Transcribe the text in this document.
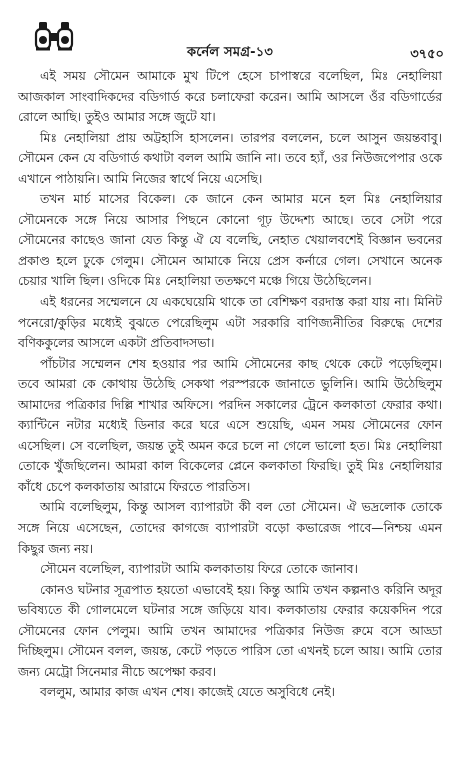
কর্নেল সমগ্র-১৩	৩৭৫০

এই সময় সৌমেন আমাকে মুখ টিপে হেসে চাপাস্বরে বলেছিল, মিঃ নেহালিয়া আজকাল সাংবাদিকদের বডিগার্ড করে চলাফেরা করেন। আমি আসলে ওঁর বডিগার্ডের রোলে আছি। তুইও আমার সঙ্গে জুটে যা।

মিঃ নেহালিয়া প্রায় অট্টহাসি হাসলেন। তারপর বললেন, চলে আসুন জয়ন্তবাবু। সৌমেন কেন যে বডিগার্ড কথাটা বলল আমি জানি না। তবে হ্যাঁ, ওর নিউজপেপার ওকে এখানে পাঠায়নি। আমি নিজের স্বার্থে নিয়ে এসেছি।

তখন মার্চ মাসের বিকেল। কে জানে কেন আমার মনে হল মিঃ নেহালিয়ার সৌমেনকে সঙ্গে নিয়ে আসার পিছনে কোনো গূঢ় উদ্দেশ্য আছে। তবে সেটা পরে সৌমেনের কাছেও জানা যেত কিন্তু ঐ যে বলেছি, নেহাত খেয়ালবশেই বিজ্ঞান ভবনের প্রকাণ্ড হলে ঢুকে গেলুম। সৌমেন আমাকে নিয়ে প্রেস কর্নারে গেল। সেখানে অনেক চেয়ার খালি ছিল। ওদিকে মিঃ নেহালিয়া ততক্ষণে মঞ্চে গিয়ে উঠেছিলেন।

এই ধরনের সম্মেলনে যে একঘেয়েমি থাকে তা বেশিক্ষণ বরদাস্ত করা যায় না। মিনিট পনেরো/কুড়ির মধ্যেই বুঝতে পেরেছিলুম এটা সরকারি বাণিজ্যনীতির বিরুদ্ধে দেশের বণিককুলের আসলে একটা প্রতিবাদসভা।

পাঁচটার সম্মেলন শেষ হওয়ার পর আমি সৌমেনের কাছ থেকে কেটে পড়েছিলুম। তবে আমরা কে কোথায় উঠেছি সেকথা পরস্পরকে জানাতে ভুলিনি। আমি উঠেছিলুম আমাদের পত্রিকার দিল্লি শাখার অফিসে। পরদিন সকালের ট্রেনে কলকাতা ফেরার কথা। ক্যান্টিনে নটার মধ্যেই ডিনার করে ঘরে এসে শুয়েছি, এমন সময় সৌমেনের ফোন এসেছিল। সে বলেছিল, জয়ন্ত তুই অমন করে চলে না গেলে ভালো হত। মিঃ নেহালিয়া তোকে খুঁজছিলেন। আমরা কাল বিকেলের প্লেনে কলকাতা ফিরছি। তুই মিঃ নেহালিয়ার কাঁধে চেপে কলকাতায় আরামে ফিরতে পারতিস।

আমি বলেছিলুম, কিন্তু আসল ব্যাপারটা কী বল তো সৌমেন। ঐ ভদ্রলোক তোকে সঙ্গে নিয়ে এসেছেন, তোদের কাগজে ব্যাপারটা বড়ো কভারেজ পাবে—নিশ্চয় এমন কিছুর জন্য নয়।

সৌমেন বলেছিল, ব্যাপারটা আমি কলকাতায় ফিরে তোকে জানাব।

কোনও ঘটনার সূত্রপাত হয়তো এভাবেই হয়। কিন্তু আমি তখন কল্পনাও করিনি অদূর ভবিষ্যতে কী গোলমেলে ঘটনার সঙ্গে জড়িয়ে যাব। কলকাতায় ফেরার কয়েকদিন পরে সৌমেনের ফোন পেলুম। আমি তখন আমাদের পত্রিকার নিউজ রুমে বসে আড্ডা দিচ্ছিলুম। সৌমেন বলল, জয়ন্ত, কেটে পড়তে পারিস তো এখনই চলে আয়। আমি তোর জন্য মেট্রো সিনেমার নীচে অপেক্ষা করব।

বললুম, আমার কাজ এখন শেষ। কাজেই যেতে অসুবিধে নেই।
